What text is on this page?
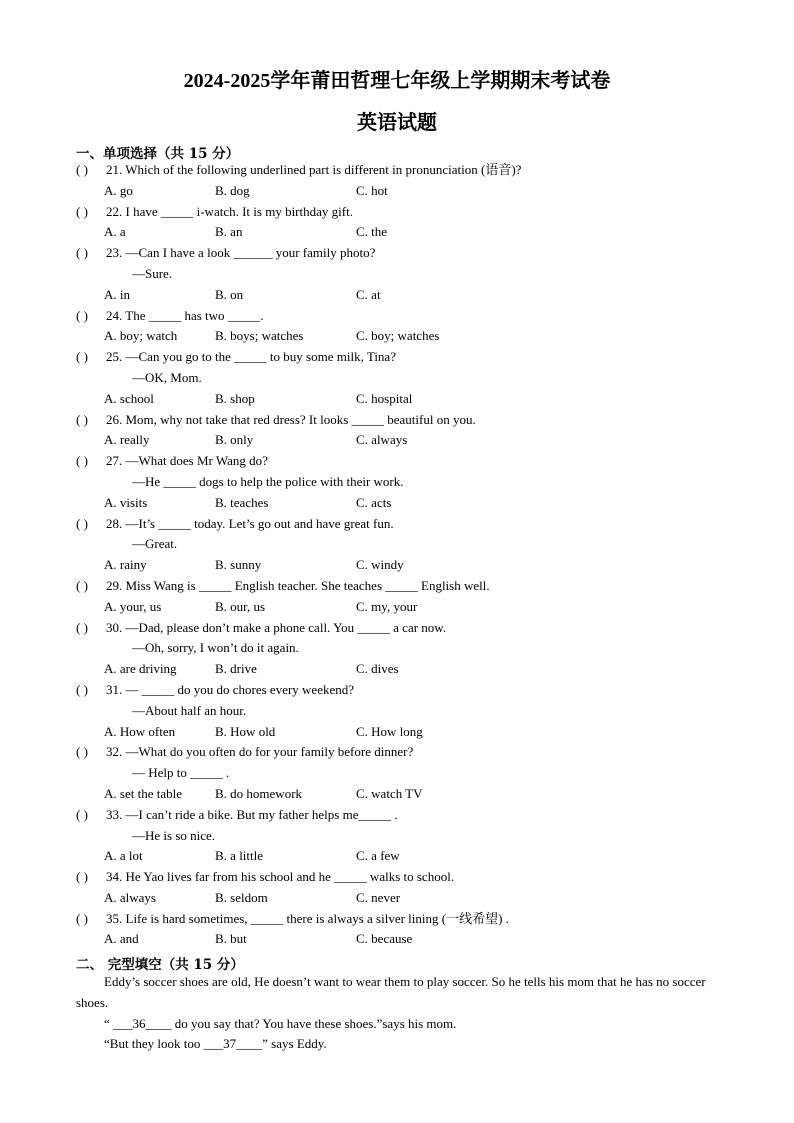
2024-2025学年莆田哲理七年级上学期期末考试卷
英语试题
一、单项选择（共 15 分）
( ) 21. Which of the following underlined part is different in pronunciation (语音)?
A. go	B. dog	C. hot
( ) 22. I have _____ i-watch. It is my birthday gift.
A. a	B. an	C. the
( ) 23. —Can I have a look ______ your family photo?
—Sure.
A. in	B. on	C. at
( ) 24. The _____ has two _____.
A. boy; watch	B. boys; watches	C. boy; watches
( ) 25. —Can you go to the _____ to buy some milk, Tina?
—OK, Mom.
A. school	B. shop	C. hospital
( ) 26. Mom, why not take that red dress? It looks _____ beautiful on you.
A. really	B. only	C. always
( ) 27. —What does Mr Wang do?
—He _____ dogs to help the police with their work.
A. visits	B. teaches	C. acts
( ) 28. —It’s _____ today. Let’s go out and have great fun.
—Great.
A. rainy	B. sunny	C. windy
( ) 29. Miss Wang is _____ English teacher. She teaches _____ English well.
A. your, us	B. our, us	C. my, your
( ) 30. —Dad, please don’t make a phone call. You _____ a car now.
—Oh, sorry, I won’t do it again.
A. are driving	B. drive	C. dives
( ) 31. — _____ do you do chores every weekend?
—About half an hour.
A. How often	B. How old	C. How long
( ) 32. —What do you often do for your family before dinner?
— Help to _____ .
A. set the table	B. do homework	C. watch TV
( ) 33. —I can’t ride a bike. But my father helps me_____ .
—He is so nice.
A. a lot	B. a little	C. a few
( ) 34. He Yao lives far from his school and he _____ walks to school.
A. always	B. seldom	C. never
( ) 35. Life is hard sometimes, _____ there is always a silver lining (一线希望) .
A. and	B. but	C. because
二、 完型填空（共 15 分）
Eddy’s soccer shoes are old, He doesn’t want to wear them to play soccer. So he tells his mom that he has no soccer shoes.
“ ___36____ do you say that? You have these shoes.”says his mom.
“But they look too ___37____” says Eddy.
